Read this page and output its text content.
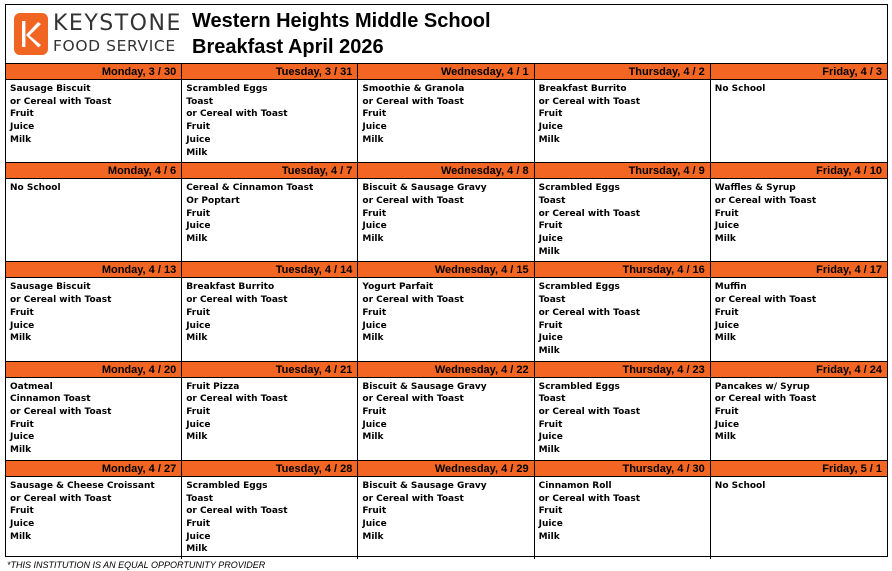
KEYSTONE
FOOD SERVICE
Western Heights Middle School
Breakfast April 2026
Monday, 3 / 30
Sausage Biscuit
or Cereal with Toast
Fruit
Juice
Milk
Tuesday, 3 / 31
Scrambled Eggs
Toast
or Cereal with Toast
Fruit
Juice
Milk
Wednesday, 4 / 1
Smoothie & Granola
or Cereal with Toast
Fruit
Juice
Milk
Thursday, 4 / 2
Breakfast Burrito
or Cereal with Toast
Fruit
Juice
Milk
Friday, 4 / 3
No School
Monday, 4 / 6
No School
Tuesday, 4 / 7
Cereal & Cinnamon Toast
Or Poptart
Fruit
Juice
Milk
Wednesday, 4 / 8
Biscuit & Sausage Gravy
or Cereal with Toast
Fruit
Juice
Milk
Thursday, 4 / 9
Scrambled Eggs
Toast
or Cereal with Toast
Fruit
Juice
Milk
Friday, 4 / 10
Waffles & Syrup
or Cereal with Toast
Fruit
Juice
Milk
Monday, 4 / 13
Sausage Biscuit
or Cereal with Toast
Fruit
Juice
Milk
Tuesday, 4 / 14
Breakfast Burrito
or Cereal with Toast
Fruit
Juice
Milk
Wednesday, 4 / 15
Yogurt Parfait
or Cereal with Toast
Fruit
Juice
Milk
Thursday, 4 / 16
Scrambled Eggs
Toast
or Cereal with Toast
Fruit
Juice
Milk
Friday, 4 / 17
Muffin
or Cereal with Toast
Fruit
Juice
Milk
Monday, 4 / 20
Oatmeal
Cinnamon Toast
or Cereal with Toast
Fruit
Juice
Milk
Tuesday, 4 / 21
Fruit Pizza
or Cereal with Toast
Fruit
Juice
Milk
Wednesday, 4 / 22
Biscuit & Sausage Gravy
or Cereal with Toast
Fruit
Juice
Milk
Thursday, 4 / 23
Scrambled Eggs
Toast
or Cereal with Toast
Fruit
Juice
Milk
Friday, 4 / 24
Pancakes w/ Syrup
or Cereal with Toast
Fruit
Juice
Milk
Monday, 4 / 27
Sausage & Cheese Croissant
or Cereal with Toast
Fruit
Juice
Milk
Tuesday, 4 / 28
Scrambled Eggs
Toast
or Cereal with Toast
Fruit
Juice
Milk
Wednesday, 4 / 29
Biscuit & Sausage Gravy
or Cereal with Toast
Fruit
Juice
Milk
Thursday, 4 / 30
Cinnamon Roll
or Cereal with Toast
Fruit
Juice
Milk
Friday, 5 / 1
No School
*THIS INSTITUTION IS AN EQUAL OPPORTUNITY PROVIDER
